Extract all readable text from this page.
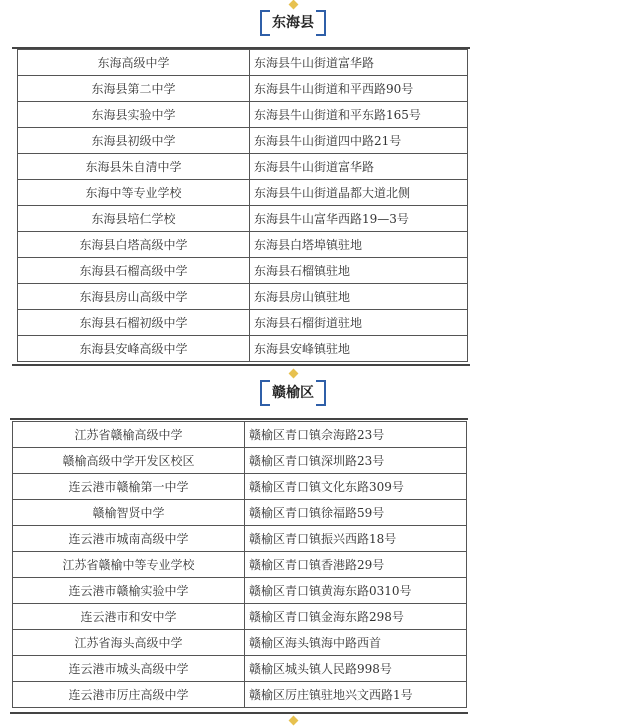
东海县
东海高级中学	东海县牛山街道富华路
东海县第二中学	东海县牛山街道和平西路90号
东海县实验中学	东海县牛山街道和平东路165号
东海县初级中学	东海县牛山街道四中路21号
东海县朱自清中学	东海县牛山街道富华路
东海中等专业学校	东海县牛山街道晶都大道北侧
东海县培仁学校	东海县牛山富华西路19—3号
东海县白塔高级中学	东海县白塔埠镇驻地
东海县石榴高级中学	东海县石榴镇驻地
东海县房山高级中学	东海县房山镇驻地
东海县石榴初级中学	东海县石榴街道驻地
东海县安峰高级中学	东海县安峰镇驻地
赣榆区
江苏省赣榆高级中学	赣榆区青口镇佘海路23号
赣榆高级中学开发区校区	赣榆区青口镇深圳路23号
连云港市赣榆第一中学	赣榆区青口镇文化东路309号
赣榆智贤中学	赣榆区青口镇徐福路59号
连云港市城南高级中学	赣榆区青口镇振兴西路18号
江苏省赣榆中等专业学校	赣榆区青口镇香港路29号
连云港市赣榆实验中学	赣榆区青口镇黄海东路0310号
连云港市和安中学	赣榆区青口镇金海东路298号
江苏省海头高级中学	赣榆区海头镇海中路西首
连云港市城头高级中学	赣榆区城头镇人民路998号
连云港市厉庄高级中学	赣榆区厉庄镇驻地兴文西路1号
